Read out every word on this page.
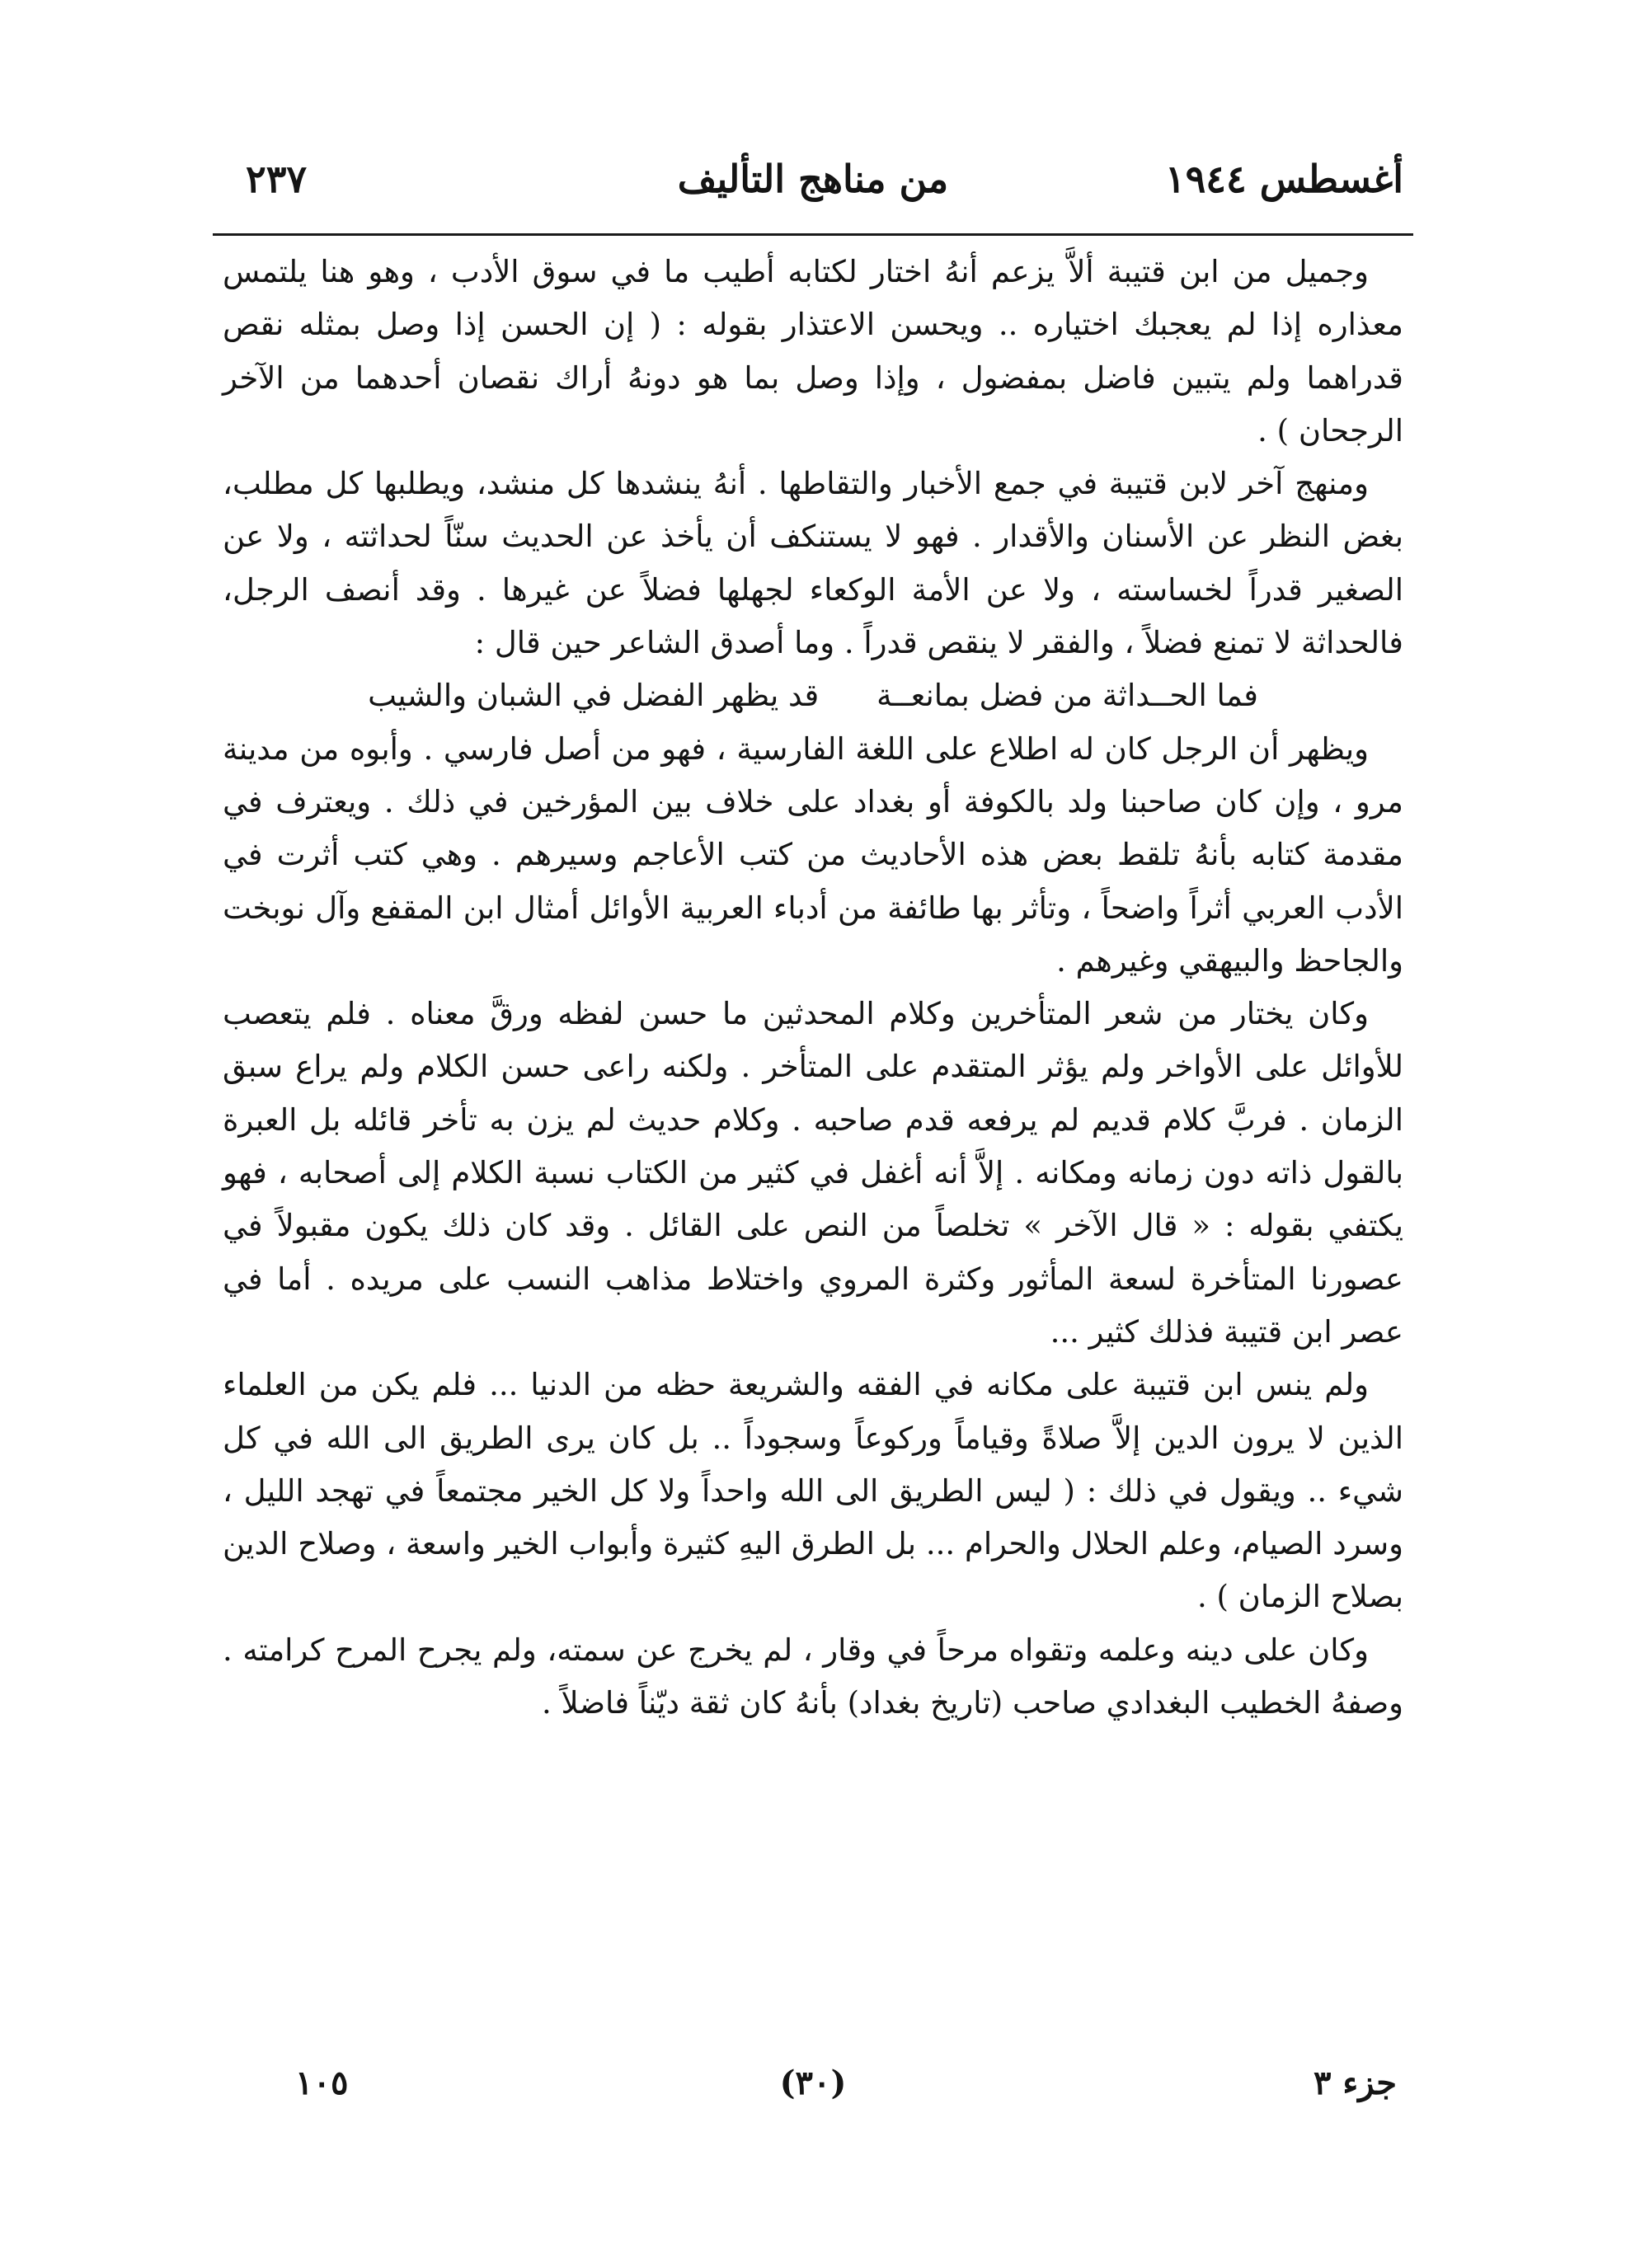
أغسطس ١٩٤٤
من مناهج التأليف
٢٣٧

وجميل من ابن قتيبة ألاَّ يزعم أنهُ اختار لكتابه أطيب ما في سوق الأدب ، وهو هنا يلتمس معذاره إذا لم يعجبك اختياره .. ويحسن الاعتذار بقوله : ( إن الحسن إذا وصل بمثله نقص قدراهما ولم يتبين فاضل بمفضول ، وإذا وصل بما هو دونهُ أراك نقصان أحدهما من الآخر الرجحان ) .

ومنهج آخر لابن قتيبة في جمع الأخبار والتقاطها . أنهُ ينشدها كل منشد، ويطلبها كل مطلب، بغض النظر عن الأسنان والأقدار . فهو لا يستنكف أن يأخذ عن الحديث سنّاً لحداثته ، ولا عن الصغير قدراً لخساسته ، ولا عن الأمة الوكعاء لجهلها فضلاً عن غيرها . وقد أنصف الرجل، فالحداثة لا تمنع فضلاً ، والفقر لا ينقص قدراً . وما أصدق الشاعر حين قال :

فما الحــداثة من فضل بمانعــة
قد يظهر الفضل في الشبان والشيب

ويظهر أن الرجل كان له اطلاع على اللغة الفارسية ، فهو من أصل فارسي . وأبوه من مدينة مرو ، وإن كان صاحبنا ولد بالكوفة أو بغداد على خلاف بين المؤرخين في ذلك . ويعترف في مقدمة كتابه بأنهُ تلقط بعض هذه الأحاديث من كتب الأعاجم وسيرهم . وهي كتب أثرت في الأدب العربي أثراً واضحاً ، وتأثر بها طائفة من أدباء العربية الأوائل أمثال ابن المقفع وآل نوبخت والجاحظ والبيهقي وغيرهم .

وكان يختار من شعر المتأخرين وكلام المحدثين ما حسن لفظه ورقَّ معناه . فلم يتعصب للأوائل على الأواخر ولم يؤثر المتقدم على المتأخر . ولكنه راعى حسن الكلام ولم يراع سبق الزمان . فربَّ كلام قديم لم يرفعه قدم صاحبه . وكلام حديث لم يزن به تأخر قائله بل العبرة بالقول ذاته دون زمانه ومكانه . إلاَّ أنه أغفل في كثير من الكتاب نسبة الكلام إلى أصحابه ، فهو يكتفي بقوله : « قال الآخر » تخلصاً من النص على القائل . وقد كان ذلك يكون مقبولاً في عصورنا المتأخرة لسعة المأثور وكثرة المروي واختلاط مذاهب النسب على مريده . أما في عصر ابن قتيبة فذلك كثير ...

ولم ينس ابن قتيبة على مكانه في الفقه والشريعة حظه من الدنيا ... فلم يكن من العلماء الذين لا يرون الدين إلاَّ صلاةً وقياماً وركوعاً وسجوداً .. بل كان يرى الطريق الى الله في كل شيء .. ويقول في ذلك : ( ليس الطريق الى الله واحداً ولا كل الخير مجتمعاً في تهجد الليل ، وسرد الصيام، وعلم الحلال والحرام ... بل الطرق اليهِ كثيرة وأبواب الخير واسعة ، وصلاح الدين بصلاح الزمان ) .

وكان على دينه وعلمه وتقواه مرحاً في وقار ، لم يخرج عن سمته، ولم يجرح المرح كرامته . وصفهُ الخطيب البغدادي صاحب (تاريخ بغداد) بأنهُ كان ثقة ديّناً فاضلاً .

جزء ٣
(٣٠)
١٠٥
